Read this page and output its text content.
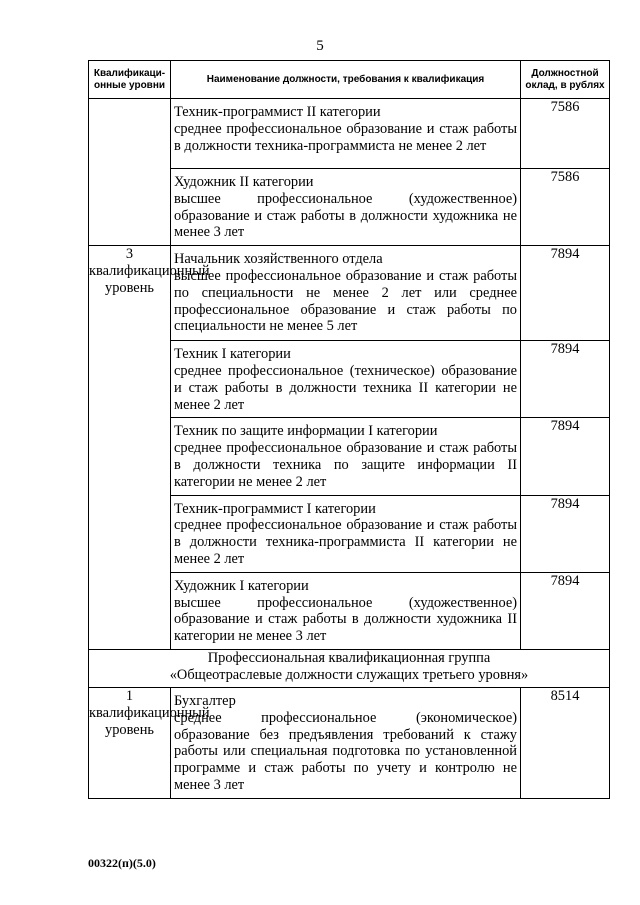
5
Квалификаци-онные уровни	Наименование должности, требования к квалификация	Должностной оклад, в рублях

	Техник-программист II категории
среднее профессиональное образование и стаж работы в должности техника-программиста не менее 2 лет	7586

	Художник II категории
высшее профессиональное (художественное) образование и стаж работы в должности художника не менее 3 лет	7586
3 квалификационный уровень	Начальник хозяйственного отдела
высшее профессиональное образование и стаж работы по специальности не менее 2 лет или среднее профессиональное образование и стаж работы по специальности не менее 5 лет	7894

	Техник I категории
среднее профессиональное (техническое) образование и стаж работы в должности техника II категории не менее 2 лет	7894

	Техник по защите информации I категории
среднее профессиональное образование и стаж работы в должности техника по защите информации II категории не менее 2 лет	7894

	Техник-программист I категории
среднее профессиональное образование и стаж работы в должности техника-программиста II категории не менее 2 лет	7894

	Художник I категории
высшее профессиональное (художественное) образование и стаж работы в должности художника II категории не менее 3 лет	7894

Профессиональная квалификационная группа
«Общеотраслевые должности служащих третьего уровня»		

1 квалификационный уровень	Бухгалтер
среднее профессиональное (экономическое) образование без предъявления требований к стажу работы или специальная подготовка по установленной программе и стаж работы по учету и контролю не менее 3 лет	8514
00322(п)(5.0)
